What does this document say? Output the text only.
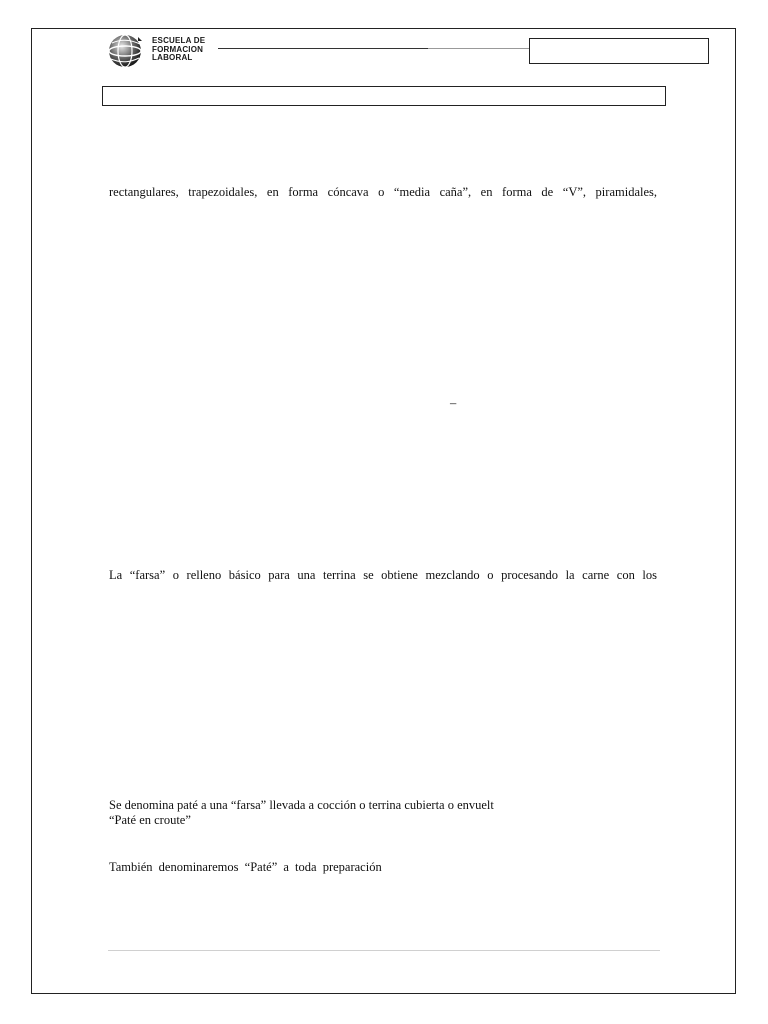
ESCUELA DE
FORMACION
LABORAL
rectangulares, trapezoidales, en forma cóncava o “media caña”, en forma de “V”, piramidales,
–
La “farsa” o relleno básico para una terrina se obtiene mezclando o procesando la carne con los
Se denomina paté a una “farsa” llevada a cocción o terrina cubierta o envuelt
“Paté en croute”
También denominaremos “Paté” a toda preparación
